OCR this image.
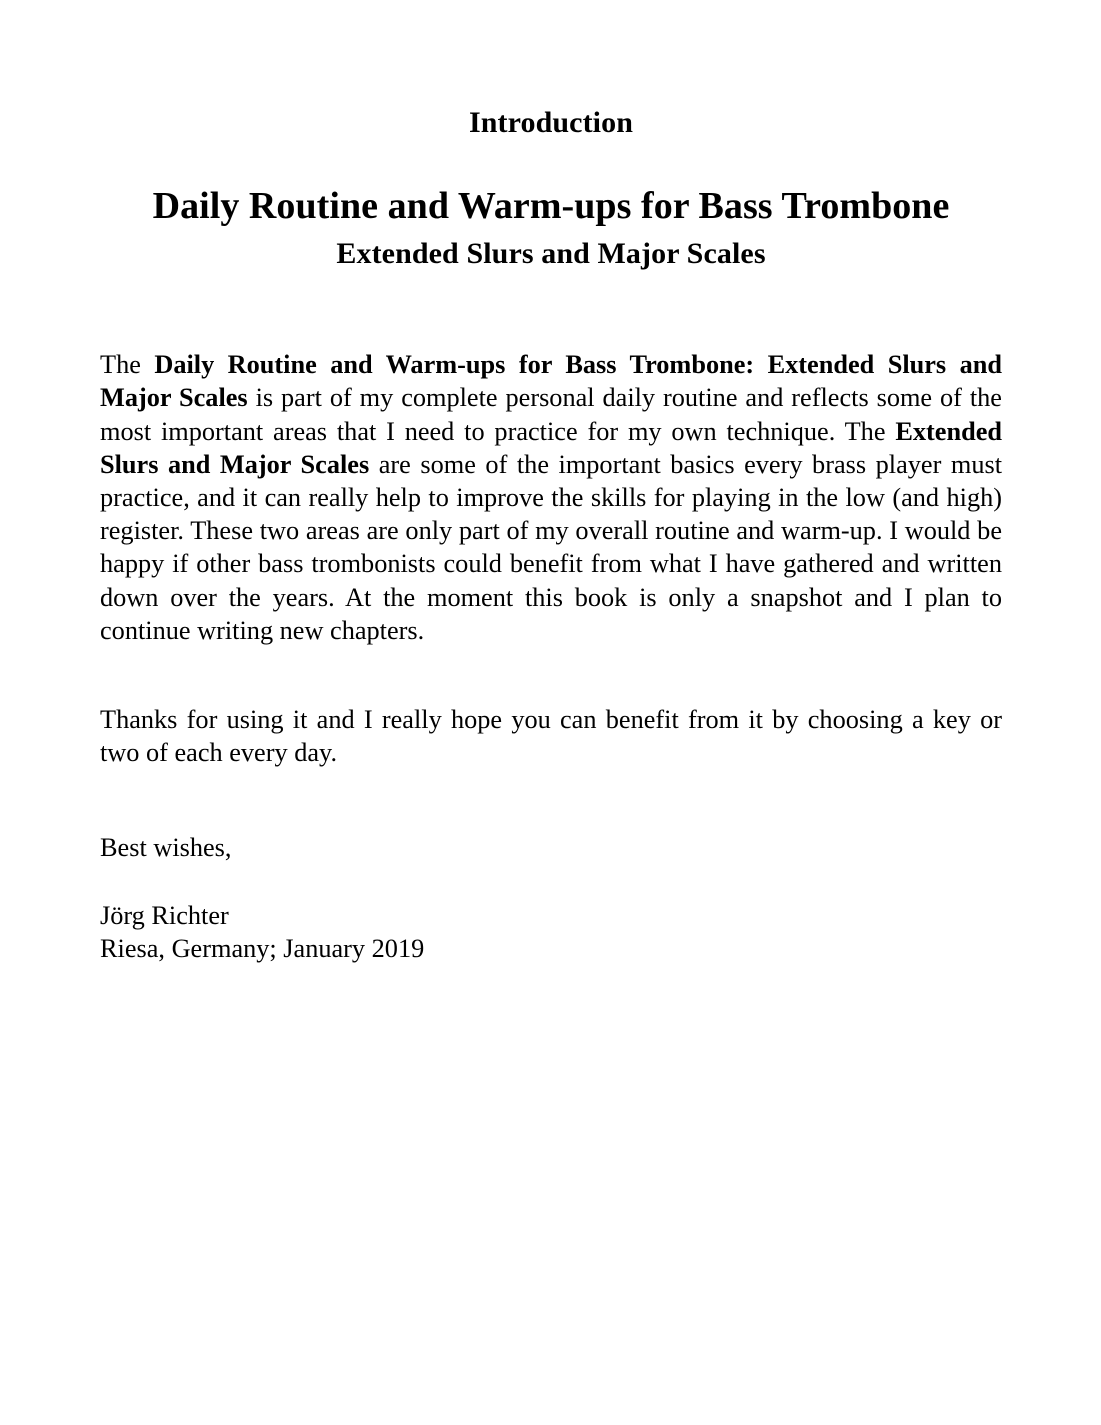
Introduction
Daily Routine and Warm-ups for Bass Trombone
Extended Slurs and Major Scales

The Daily Routine and Warm-ups for Bass Trombone: Extended Slurs and Major Scales is part of my complete personal daily routine and reflects some of the most important areas that I need to practice for my own technique. The Extended Slurs and Major Scales are some of the important basics every brass player must practice, and it can really help to improve the skills for playing in the low (and high) register. These two areas are only part of my overall routine and warm-up. I would be happy if other bass trombonists could benefit from what I have gathered and written down over the years. At the moment this book is only a snapshot and I plan to continue writing new chapters.

Thanks for using it and I really hope you can benefit from it by choosing a key or two of each every day.

Best wishes,

Jörg Richter
Riesa, Germany; January 2019
